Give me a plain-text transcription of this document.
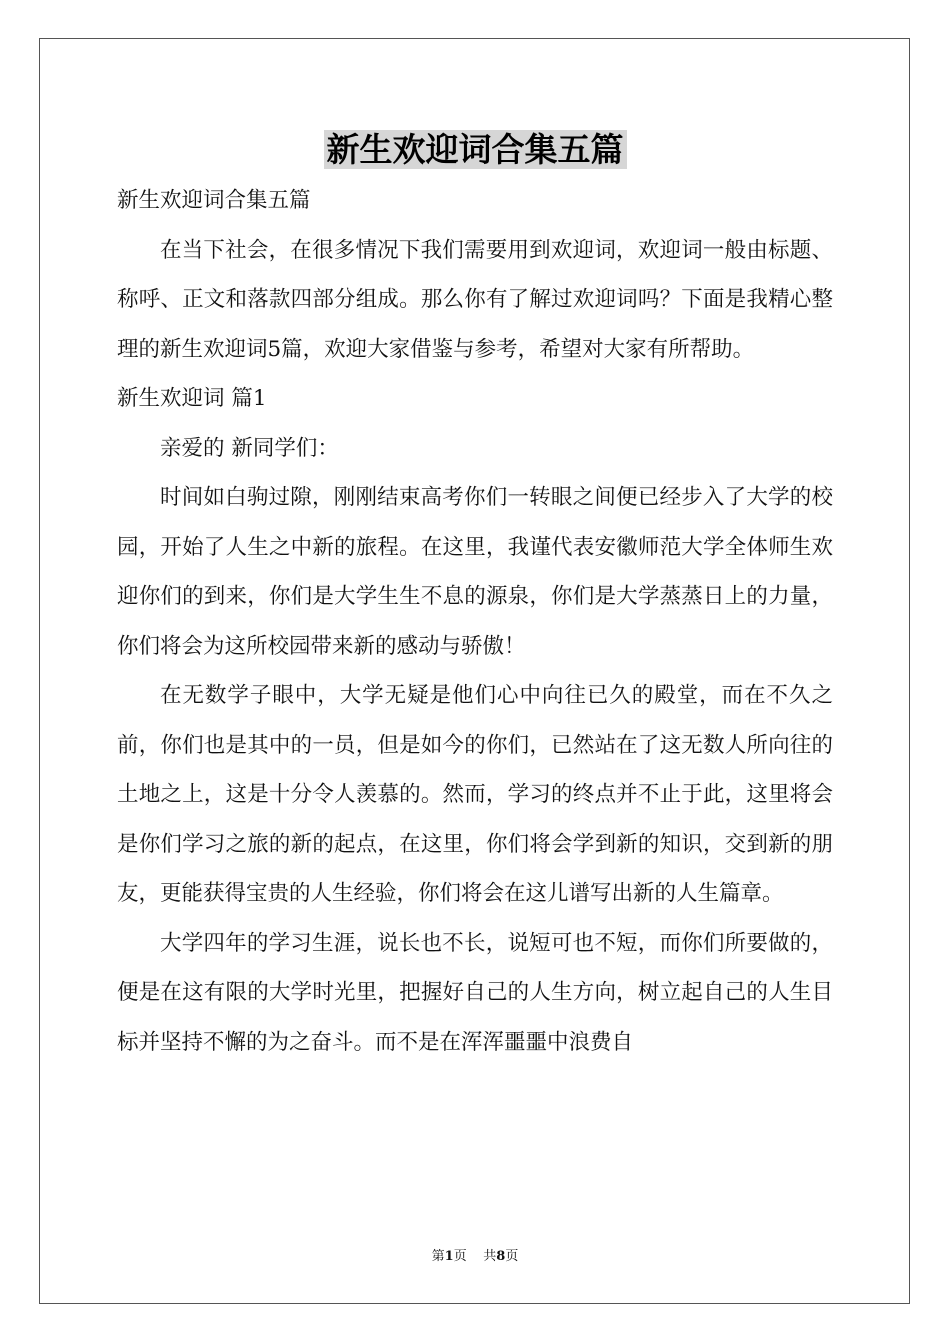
新生欢迎词合集五篇

新生欢迎词合集五篇

在当下社会，在很多情况下我们需要用到欢迎词，欢迎词一般由标题、称呼、正文和落款四部分组成。那么你有了解过欢迎词吗？下面是我精心整理的新生欢迎词5篇，欢迎大家借鉴与参考，希望对大家有所帮助。

新生欢迎词 篇1

亲爱的 新同学们：

时间如白驹过隙，刚刚结束高考你们一转眼之间便已经步入了大学的校园，开始了人生之中新的旅程。在这里，我谨代表安徽师范大学全体师生欢迎你们的到来，你们是大学生生不息的源泉，你们是大学蒸蒸日上的力量，你们将会为这所校园带来新的感动与骄傲！

在无数学子眼中，大学无疑是他们心中向往已久的殿堂，而在不久之前，你们也是其中的一员，但是如今的你们，已然站在了这无数人所向往的土地之上，这是十分令人羡慕的。然而，学习的终点并不止于此，这里将会是你们学习之旅的新的起点，在这里，你们将会学到新的知识，交到新的朋友，更能获得宝贵的人生经验，你们将会在这儿谱写出新的人生篇章。

大学四年的学习生涯，说长也不长，说短可也不短，而你们所要做的，便是在这有限的大学时光里，把握好自己的人生方向，树立起自己的人生目标并坚持不懈的为之奋斗。而不是在浑浑噩噩中浪费自

第1页 共8页
